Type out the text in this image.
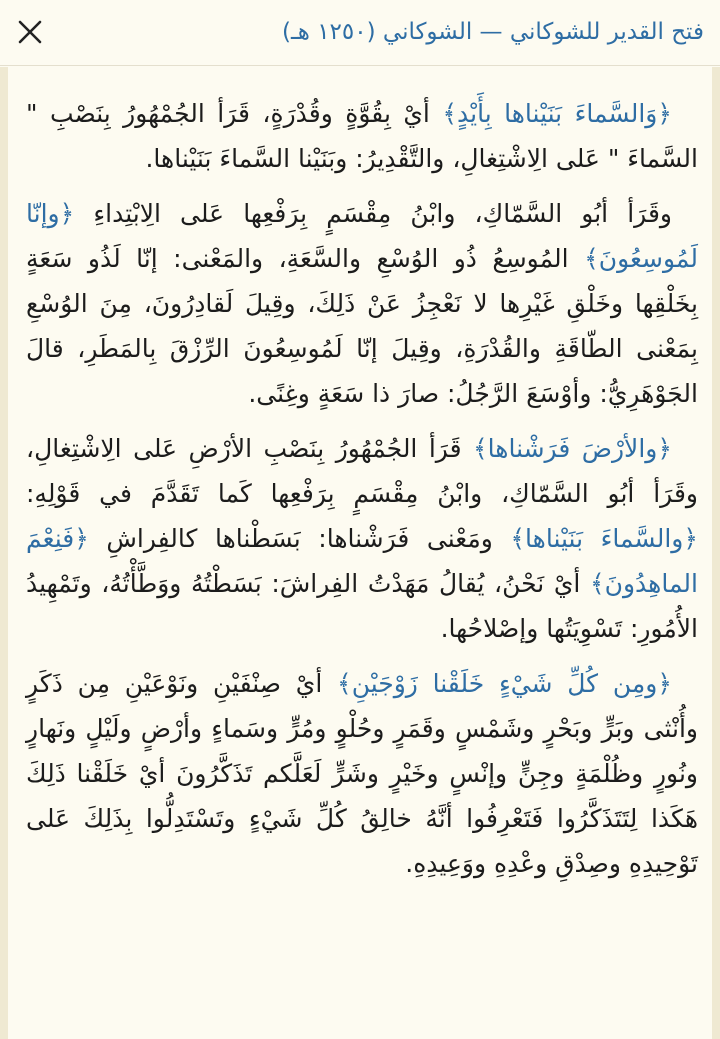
فتح القدير للشوكاني — الشوكاني (١٢٥٠ هـ)

﴿وَالسَّماءَ بَنَيْناها بِأَيْدٍ﴾ أيْ بِقُوَّةٍ وقُدْرَةٍ، قَرَأ الجُمْهُورُ بِنَصْبِ " السَّماءَ " عَلى الِاشْتِغالِ، والتَّقْدِيرُ: وبَنَيْنا السَّماءَ بَنَيْناها.

وقَرَأ أبُو السَّمّاكِ، وابْنُ مِقْسَمٍ بِرَفْعِها عَلى الِابْتِداءِ ﴿وإنّا لَمُوسِعُونَ﴾ المُوسِعُ ذُو الوُسْعِ والسَّعَةِ، والمَعْنى: إنّا لَذُو سَعَةٍ بِخَلْقِها وخَلْقِ غَيْرِها لا نَعْجِزُ عَنْ ذَلِكَ، وقِيلَ لَقادِرُونَ، مِنَ الوُسْعِ بِمَعْنى الطّاقَةِ والقُدْرَةِ، وقِيلَ إنّا لَمُوسِعُونَ الرِّزْقَ بِالمَطَرِ، قالَ الجَوْهَرِيُّ: وأوْسَعَ الرَّجُلُ: صارَ ذا سَعَةٍ وغِنًى.

﴿والأرْضَ فَرَشْناها﴾ قَرَأ الجُمْهُورُ بِنَصْبِ الأرْضِ عَلى الِاشْتِغالِ، وقَرَأ أبُو السَّمّاكِ، وابْنُ مِقْسَمٍ بِرَفْعِها كَما تَقَدَّمَ في قَوْلِهِ: ﴿والسَّماءَ بَنَيْناها﴾ ومَعْنى فَرَشْناها: بَسَطْناها كالفِراشِ ﴿فَنِعْمَ الماهِدُونَ﴾ أيْ نَحْنُ، يُقالُ مَهَدْتُ الفِراشَ: بَسَطْتُهُ ووَطَّأْتُهُ، وتَمْهِيدُ الأُمُورِ: تَسْوِيَتُها وإصْلاحُها.

﴿ومِن كُلِّ شَيْءٍ خَلَقْنا زَوْجَيْنِ﴾ أيْ صِنْفَيْنِ ونَوْعَيْنِ مِن ذَكَرٍ وأُنْثى وبَرٍّ وبَحْرٍ وشَمْسٍ وقَمَرٍ وحُلْوٍ ومُرٍّ وسَماءٍ وأرْضٍ ولَيْلٍ ونَهارٍ ونُورٍ وظُلْمَةٍ وجِنٍّ وإنْسٍ وخَيْرٍ وشَرٍّ لَعَلَّكم تَذَكَّرُونَ أيْ خَلَقْنا ذَلِكَ هَكَذا لِتَتَذَكَّرُوا فَتَعْرِفُوا أنَّهُ خالِقُ كُلِّ شَيْءٍ وتَسْتَدِلُّوا بِذَلِكَ عَلى تَوْحِيدِهِ وصِدْقِ وعْدِهِ ووَعِيدِهِ.
